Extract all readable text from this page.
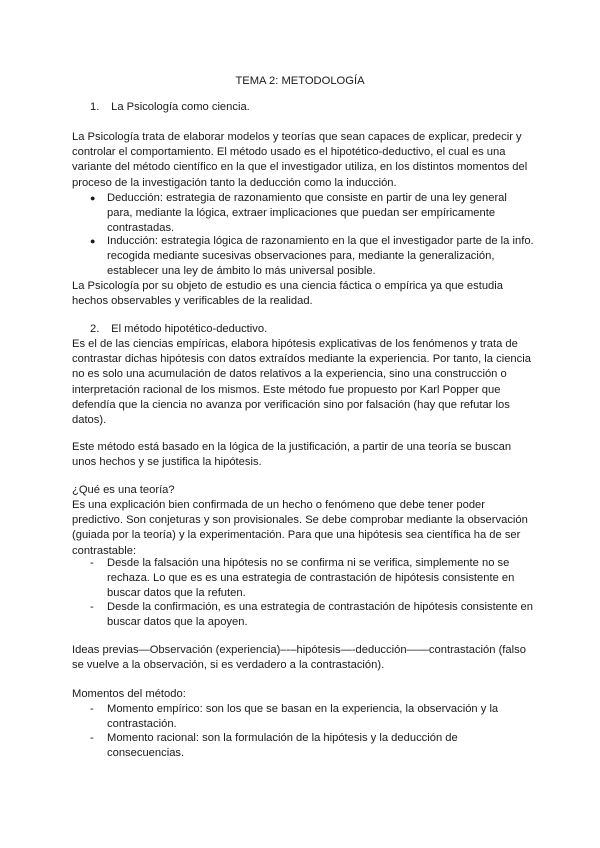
TEMA 2: METODOLOGÍA
1. La Psicología como ciencia.

La Psicología trata de elaborar modelos y teorías que sean capaces de explicar, predecir y controlar el comportamiento. El método usado es el hipotético-deductivo, el cual es una variante del método científico en la que el investigador utiliza, en los distintos momentos del proceso de la investigación tanto la deducción como la inducción.

●	Deducción: estrategia de razonamiento que consiste en partir de una ley general para, mediante la lógica, extraer implicaciones que puedan ser empíricamente contrastadas.
●	Inducción: estrategia lógica de razonamiento en la que el investigador parte de la info. recogida mediante sucesivas observaciones para, mediante la generalización, establecer una ley de ámbito lo más universal posible.

La Psicología por su objeto de estudio es una ciencia fáctica o empírica ya que estudia hechos observables y verificables de la realidad.

2. El método hipotético-deductivo.

Es el de las ciencias empíricas, elabora hipótesis explicativas de los fenómenos y trata de contrastar dichas hipótesis con datos extraídos mediante la experiencia. Por tanto, la ciencia no es solo una acumulación de datos relativos a la experiencia, sino una construcción o interpretación racional de los mismos. Este método fue propuesto por Karl Popper que defendía que la ciencia no avanza por verificación sino por falsación (hay que refutar los datos).

Este método está basado en la lógica de la justificación, a partir de una teoría se buscan unos hechos y se justifica la hipótesis.

¿Qué es una teoría?

Es una explicación bien confirmada de un hecho o fenómeno que debe tener poder predictivo. Son conjeturas y son provisionales. Se debe comprobar mediante la observación (guiada por la teoría) y la experimentación. Para que una hipótesis sea científica ha de ser contrastable:

- Desde la falsación una hipótesis no se confirma ni se verifica, simplemente no se rechaza. Lo que es es una estrategia de contrastación de hipótesis consistente en buscar datos que la refuten.
- Desde la confirmación, es una estrategia de contrastación de hipótesis consistente en buscar datos que la apoyen.

Ideas previas—Observación (experiencia)–-–hipótesis—-deducción——contrastación (falso se vuelve a la observación, si es verdadero a la contrastación).

Momentos del método:

- Momento empírico: son los que se basan en la experiencia, la observación y la contrastación.
- Momento racional: son la formulación de la hipótesis y la deducción de consecuencias.
